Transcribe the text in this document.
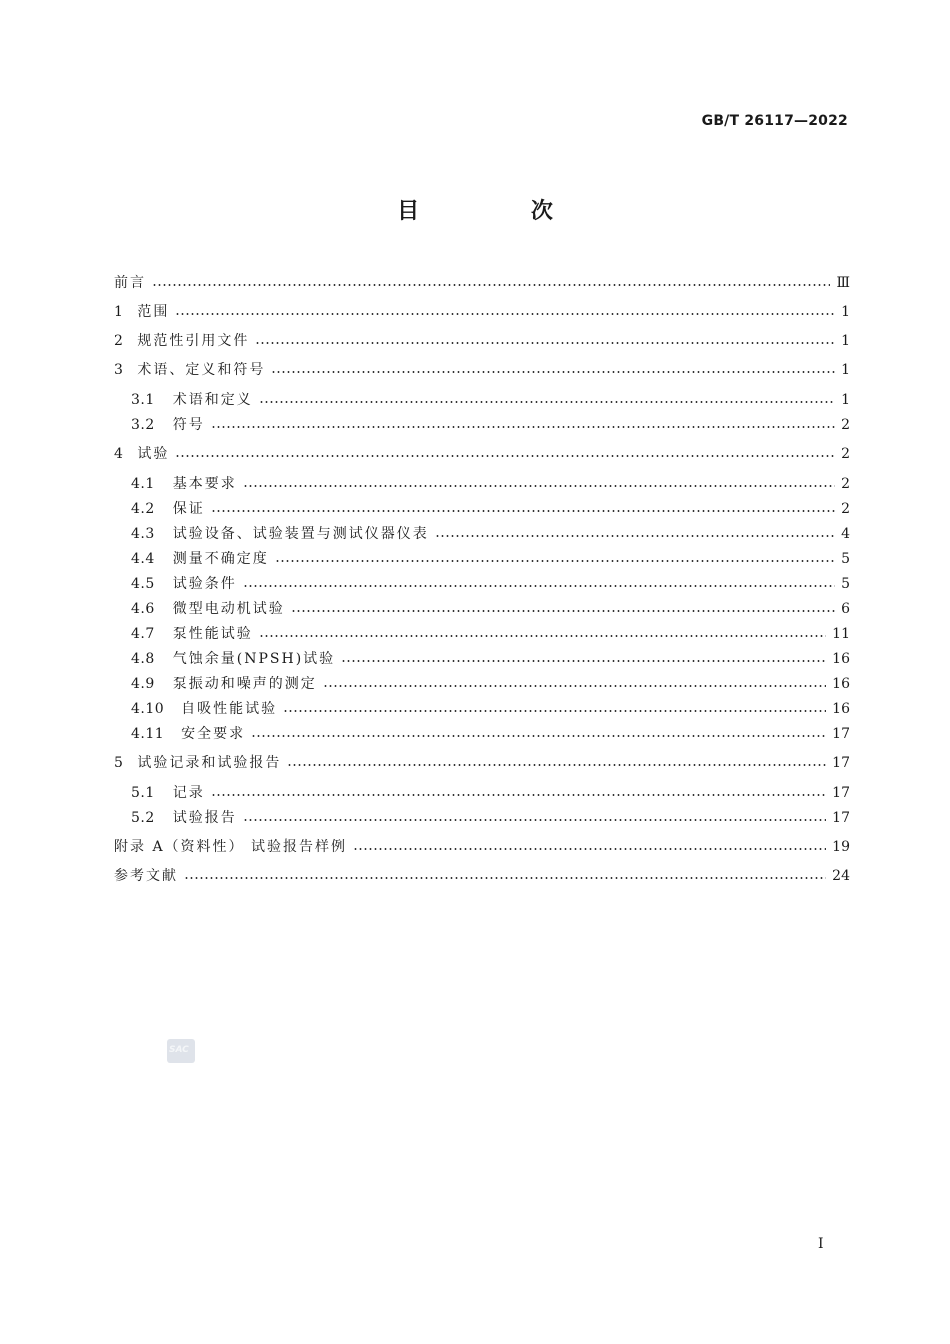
GB/T 26117—2022
目 次
前言	Ⅲ
1 范围	1
2 规范性引用文件	1
3 术语、定义和符号	1
3.1 术语和定义	1
3.2 符号	2
4 试验	2
4.1 基本要求	2
4.2 保证	2
4.3 试验设备、试验装置与测试仪器仪表	4
4.4 测量不确定度	5
4.5 试验条件	5
4.6 微型电动机试验	6
4.7 泵性能试验	11
4.8 气蚀余量(NPSH)试验	16
4.9 泵振动和噪声的测定	16
4.10 自吸性能试验	16
4.11 安全要求	17
5 试验记录和试验报告	17
5.1 记录	17
5.2 试验报告	17
附录 A（资料性） 试验报告样例	19
参考文献	24
SAC
Ⅰ
